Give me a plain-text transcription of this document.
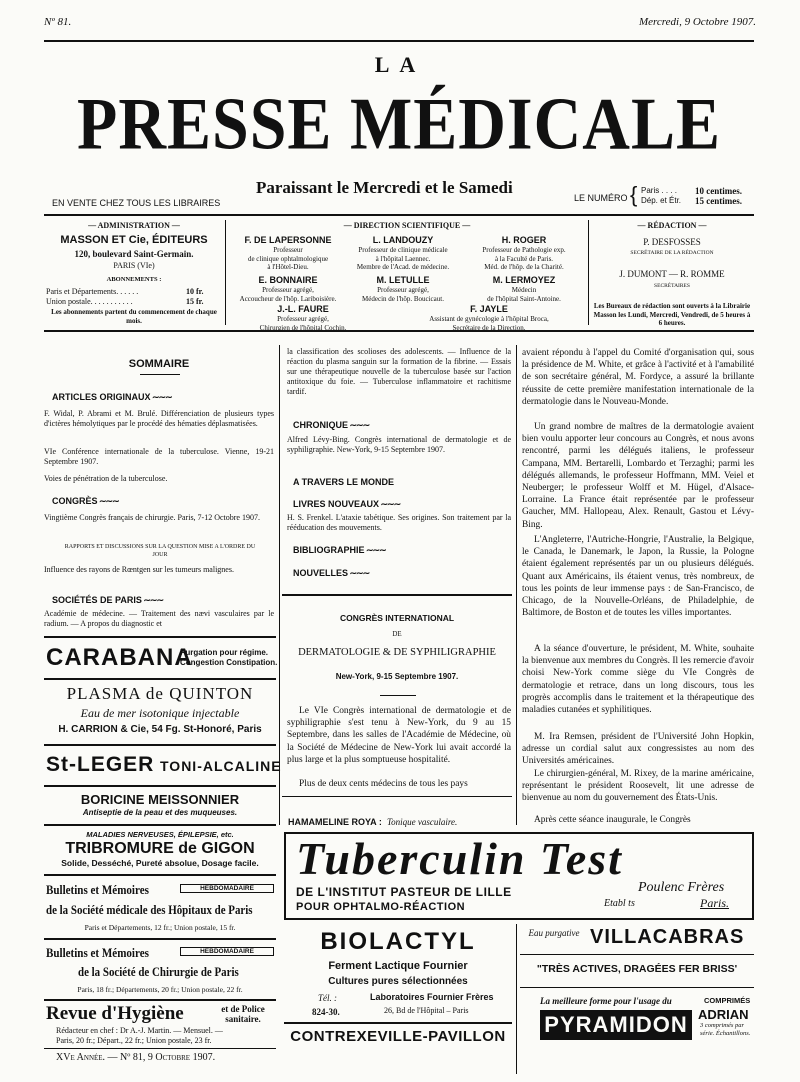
Nº 81.	Mercredi, 9 Octobre 1907.
LA
PRESSE MÉDICALE
Paraissant le Mercredi et le Samedi
EN VENTE CHEZ TOUS LES LIBRAIRES	LE NUMÉRO { Paris . . . . 10 centimes.
Dép. et Étr. 15 centimes.
— ADMINISTRATION —
MASSON ET Cie, ÉDITEURS
120, boulevard Saint-Germain.
PARIS (VIe)
ABONNEMENTS :
Paris et Départements. . . . . .	10 fr.
Union postale. . . . . . . . . . .	15 fr.
Les abonnements partent du commencement de chaque mois.
— DIRECTION SCIENTIFIQUE —
F. DE LAPERSONNE
Professeur
de clinique ophtalmologique
à l'Hôtel-Dieu.
L. LANDOUZY
Professeur de clinique médicale
à l'hôpital Laennec.
Membre de l'Acad. de médecine.
H. ROGER
Professeur de Pathologie exp.
à la Faculté de Paris.
Méd. de l'hôp. de la Charité.
E. BONNAIRE
Professeur agrégé,
Accoucheur de l'hôp. Lariboisière.
M. LETULLE
Professeur agrégé,
Médecin de l'hôp. Boucicaut.
M. LERMOYEZ
Médecin
de l'hôpital Saint-Antoine.
J.-L. FAURE
Professeur agrégé,
Chirurgien de l'hôpital Cochin.
F. JAYLE
Assistant de gynécologie à l'hôpital Broca,
Secrétaire de la Direction.
— RÉDACTION —
P. DESFOSSES
SECRÉTAIRE DE LA RÉDACTION
J. DUMONT — R. ROMME
SECRÉTAIRES
Les Bureaux de rédaction sont ouverts à la Librairie Masson les Lundi, Mercredi, Vendredi, de 5 heures à 6 heures.
SOMMAIRE
ARTICLES ORIGINAUX ∼∼∼
F. Widal, P. Abrami et M. Brulé. Différenciation de plusieurs types d'ictères hémolytiques par le procédé des hématies déplasmatisées.
VIe Conférence internationale de la tuberculose. Vienne, 19-21 Septembre 1907.
Voies de pénétration de la tuberculose.
CONGRÈS ∼∼∼
Vingtième Congrès français de chirurgie. Paris, 7-12 Octobre 1907.
RAPPORTS ET DISCUSSIONS SUR LA QUESTION MISE A L'ORDRE DU JOUR
Influence des rayons de Rœntgen sur les tumeurs malignes.
SOCIÉTÉS DE PARIS ∼∼∼
Académie de médecine. — Traitement des nævi vasculaires par le radium. — A propos du diagnostic et
la classification des scolioses des adolescents. — Influence de la réaction du plasma sanguin sur la formation de la fibrine. — Essais sur une thérapeutique nouvelle de la tuberculose basée sur l'action antitoxique du foie. — Tuberculose inflammatoire et rachitisme tardif.
CHRONIQUE ∼∼∼
Alfred Lévy-Bing. Congrès international de dermatologie et de syphiligraphie. New-York, 9-15 Septembre 1907.
A TRAVERS LE MONDE
LIVRES NOUVEAUX ∼∼∼
H. S. Frenkel. L'ataxie tabétique. Ses origines. Son traitement par la rééducation des mouvements.
BIBLIOGRAPHIE ∼∼∼
NOUVELLES ∼∼∼
CONGRÈS INTERNATIONAL
DE
DERMATOLOGIE & DE SYPHILIGRAPHIE
New-York, 9-15 Septembre 1907.
Le VIe Congrès international de dermatologie et de syphiligraphie s'est tenu à New-York, du 9 au 15 Septembre, dans les salles de l'Académie de Médecine, où la Société de Médecine de New-York lui avait accordé la plus large et la plus somptueuse hospitalité.
Plus de deux cents médecins de tous les pays
HAMAMELINE ROYA : Tonique vasculaire.
avaient répondu à l'appel du Comité d'organisation qui, sous la présidence de M. White, et grâce à l'activité et à l'amabilité de son secrétaire général, M. Fordyce, a assuré la brillante réussite de cette première manifestation internationale de la dermatologie dans le Nouveau-Monde.
Un grand nombre de maîtres de la dermatologie avaient bien voulu apporter leur concours au Congrès, et nous avons rencontré, parmi les délégués italiens, le professeur Campana, MM. Bertarelli, Lombardo et Terzaghi; parmi les délégués allemands, le professeur Hoffmann, MM. Veiel et Neuberger; le professeur Wolff et M. Hügel, d'Alsace-Lorraine. La France était représentée par le professeur Gaucher, MM. Hallopeau, Alex. Renault, Gastou et Lévy-Bing.
L'Angleterre, l'Autriche-Hongrie, l'Australie, la Belgique, le Canada, le Danemark, le Japon, la Russie, la Pologne étaient également représentés par un ou plusieurs délégués. Quant aux Américains, ils étaient venus, très nombreux, de tous les points de leur immense pays : de San-Francisco, de Chicago, de la Nouvelle-Orléans, de Philadelphie, de Baltimore, de Boston et de toutes les villes importantes.
A la séance d'ouverture, le président, M. White, souhaite la bienvenue aux membres du Congrès. Il les remercie d'avoir choisi New-York comme siège du VIe Congrès de dermatologie et retrace, dans un long discours, tous les progrès accomplis dans le traitement et la thérapeutique des maladies cutanées et syphilitiques.
M. Ira Remsen, président de l'Université John Hopkin, adresse un cordial salut aux congressistes au nom des Universités américaines.
Le chirurgien-général, M. Rixey, de la marine américaine, représentant le président Roosevelt, lit une adresse de bienvenue au nom du gouvernement des États-Unis.
Après cette séance inaugurale, le Congrès
CARABANA
Purgation pour régime.
Congestion Constipation.
PLASMA de QUINTON
Eau de mer isotonique injectable
H. CARRION & Cie, 54 Fg. St-Honoré, Paris
St-LEGER TONI-ALCALINE
BORICINE MEISSONNIER
Antiseptie de la peau et des muqueuses.
MALADIES NERVEUSES, ÉPILEPSIE, etc.
TRIBROMURE de GIGON
Solide, Desséché, Pureté absolue, Dosage facile.
Bulletins et Mémoires	HEBDOMADAIRE
de la Société médicale des Hôpitaux de Paris
Paris et Départements, 12 fr.; Union postale, 15 fr.
Bulletins et Mémoires	HEBDOMADAIRE
de la Société de Chirurgie de Paris
Paris, 18 fr.; Départements, 20 fr.; Union postale, 22 fr.
Revue d'Hygiène	et de Police sanitaire.
Rédacteur en chef : Dr A.-J. Martin. — Mensuel. —
Paris, 20 fr.; Départ., 22 fr.; Union postale, 23 fr.
Tuberculin Test
DE L'INSTITUT PASTEUR DE LILLE
POUR OPHTALMO-RÉACTION
Poulenc Frères
Etabl ts	Paris.
BIOLACTYL
Ferment Lactique Fournier
Cultures pures sélectionnées
Tél. :
824-30.
Laboratoires Fournier Frères
26, Bd de l'Hôpital – Paris
CONTREXEVILLE-PAVILLON
Eau purgative VILLACABRAS
"TRÈS ACTIVES, DRAGÉES FER BRISS'
La meilleure forme pour l'usage du	COMPRIMÉS
PYRAMIDON ADRIAN
3 comprimés par série. Échantillons.
XVe Année. — Nº 81, 9 Octobre 1907.
